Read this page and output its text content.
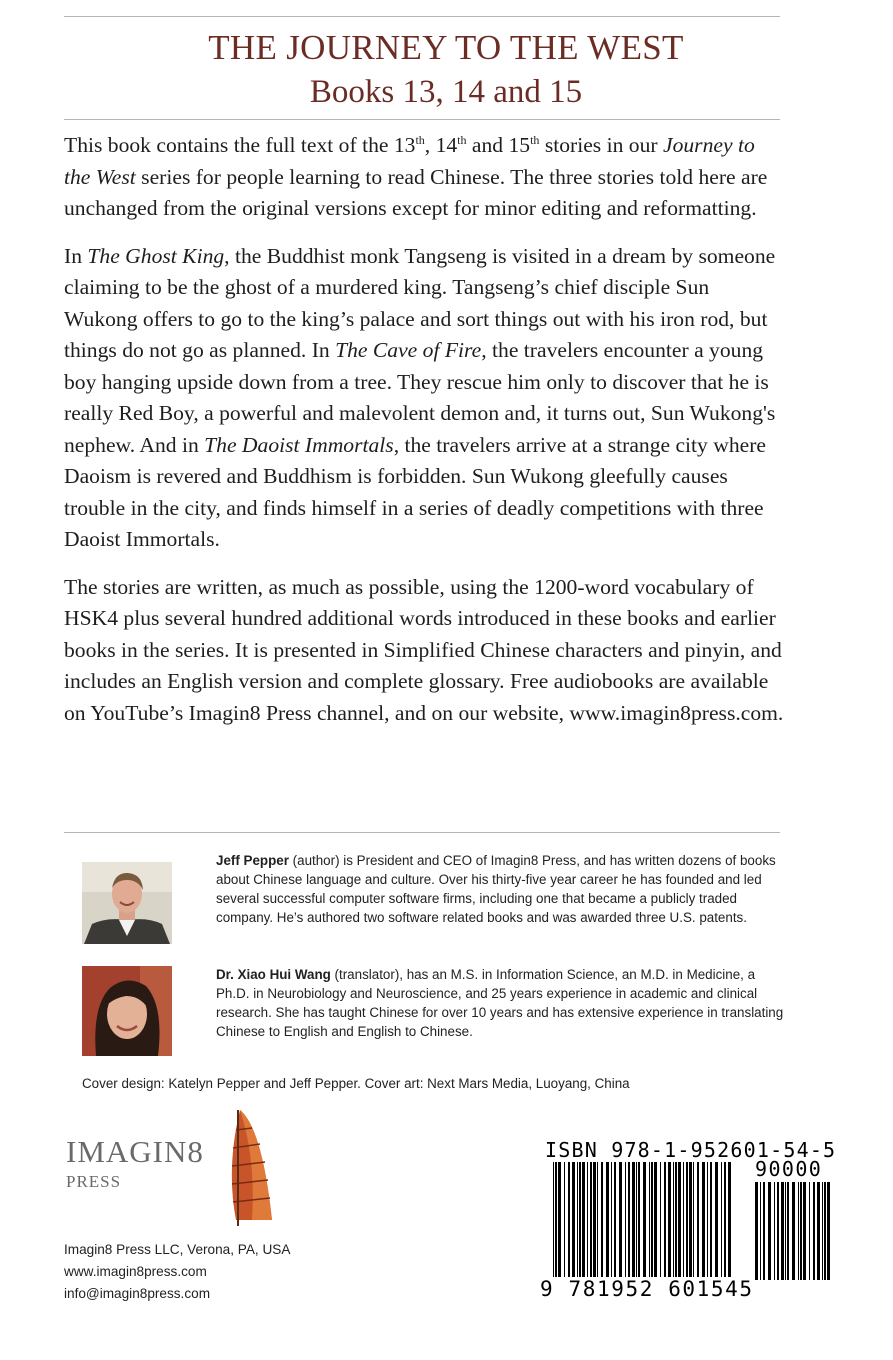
THE JOURNEY TO THE WEST
Books 13, 14 and 15

This book contains the full text of the 13th, 14th and 15th stories in our Journey to the West series for people learning to read Chinese. The three stories told here are unchanged from the original versions except for minor editing and reformatting.

In The Ghost King, the Buddhist monk Tangseng is visited in a dream by someone claiming to be the ghost of a murdered king. Tangseng’s chief disciple Sun Wukong offers to go to the king’s palace and sort things out with his iron rod, but things do not go as planned. In The Cave of Fire, the travelers encounter a young boy hanging upside down from a tree. They rescue him only to discover that he is really Red Boy, a powerful and malevolent demon and, it turns out, Sun Wukong's nephew. And in The Daoist Immortals, the travelers arrive at a strange city where Daoism is revered and Buddhism is forbidden. Sun Wukong gleefully causes trouble in the city, and finds himself in a series of deadly competitions with three Daoist Immortals.

The stories are written, as much as possible, using the 1200-word vocabulary of HSK4 plus several hundred additional words introduced in these books and earlier books in the series. It is presented in Simplified Chinese characters and pinyin, and includes an English version and complete glossary. Free audiobooks are available on YouTube’s Imagin8 Press channel, and on our website, www.imagin8press.com.

Jeff Pepper (author) is President and CEO of Imagin8 Press, and has written dozens of books about Chinese language and culture. Over his thirty-five year career he has founded and led several successful computer software firms, including one that became a publicly traded company. He’s authored two software related books and was awarded three U.S. patents.
Dr. Xiao Hui Wang (translator), has an M.S. in Information Science, an M.D. in Medicine, a Ph.D. in Neurobiology and Neuroscience, and 25 years experience in academic and clinical research. She has taught Chinese for over 10 years and has extensive experience in translating Chinese to English and English to Chinese.
Cover design: Katelyn Pepper and Jeff Pepper. Cover art: Next Mars Media, Luoyang, China
IMAGIN8
PRESS
Imagin8 Press LLC, Verona, PA, USA
www.imagin8press.com
info@imagin8press.com
ISBN 978-1-952601-54-5
90000
9 781952 601545
